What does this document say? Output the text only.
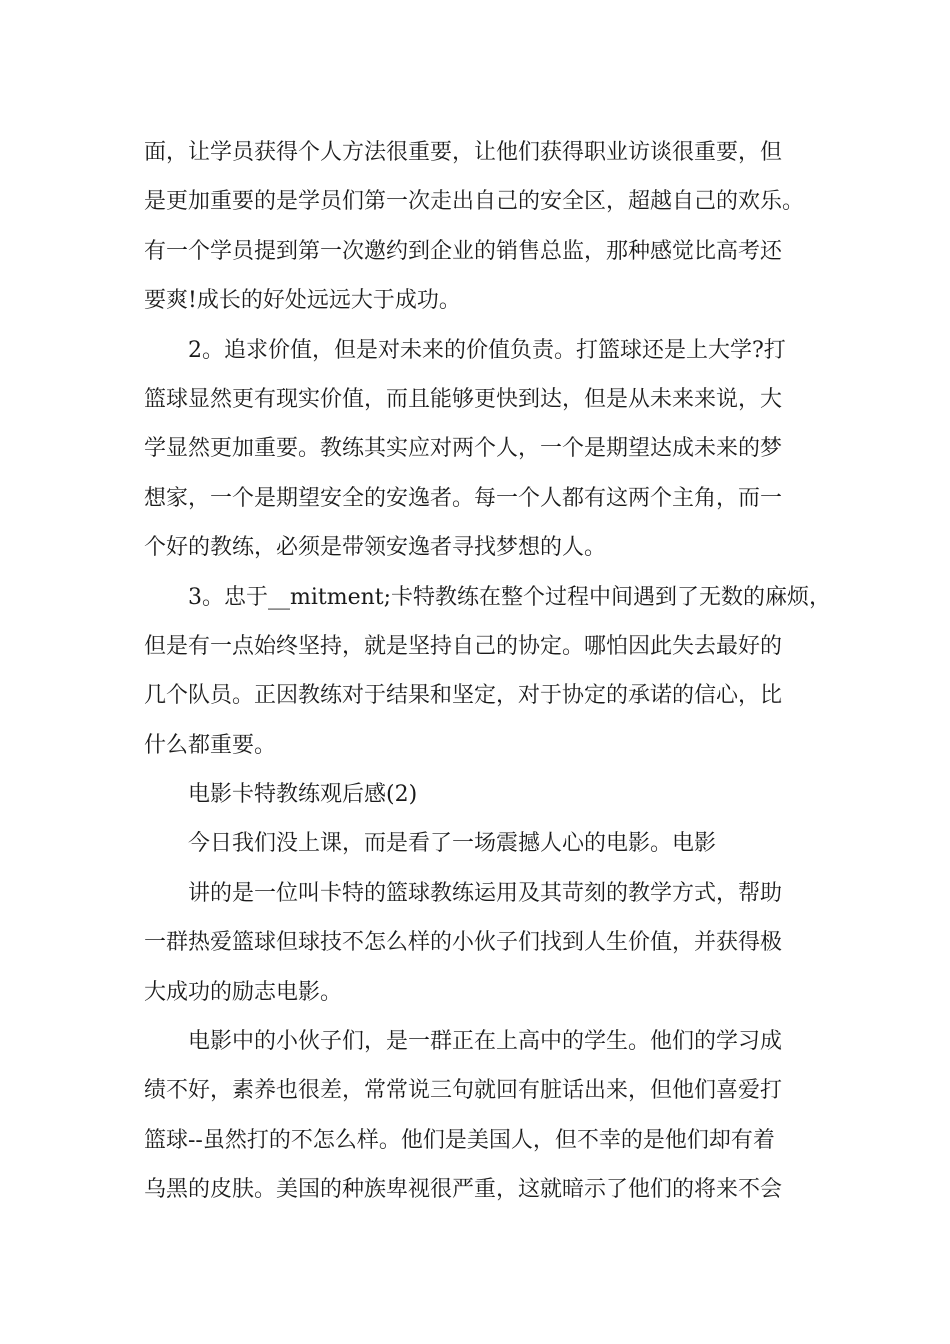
面，让学员获得个人方法很重要，让他们获得职业访谈很重要，但
是更加重要的是学员们第一次走出自己的安全区，超越自己的欢乐。
有一个学员提到第一次邀约到企业的销售总监，那种感觉比高考还
要爽!成长的好处远远大于成功。
2。追求价值，但是对未来的价值负责。打篮球还是上大学?打
篮球显然更有现实价值，而且能够更快到达，但是从未来来说，大
学显然更加重要。教练其实应对两个人，一个是期望达成未来的梦
想家，一个是期望安全的安逸者。每一个人都有这两个主角，而一
个好的教练，必须是带领安逸者寻找梦想的人。
3。忠于__mitment;卡特教练在整个过程中间遇到了无数的麻烦，
但是有一点始终坚持，就是坚持自己的协定。哪怕因此失去最好的
几个队员。正因教练对于结果和坚定，对于协定的承诺的信心，比
什么都重要。
电影卡特教练观后感(2)
今日我们没上课，而是看了一场震撼人心的电影。电影
讲的是一位叫卡特的篮球教练运用及其苛刻的教学方式，帮助
一群热爱篮球但球技不怎么样的小伙子们找到人生价值，并获得极
大成功的励志电影。
电影中的小伙子们，是一群正在上高中的学生。他们的学习成
绩不好，素养也很差，常常说三句就回有脏话出来，但他们喜爱打
篮球--虽然打的不怎么样。他们是美国人，但不幸的是他们却有着
乌黑的皮肤。美国的种族卑视很严重，这就暗示了他们的将来不会
